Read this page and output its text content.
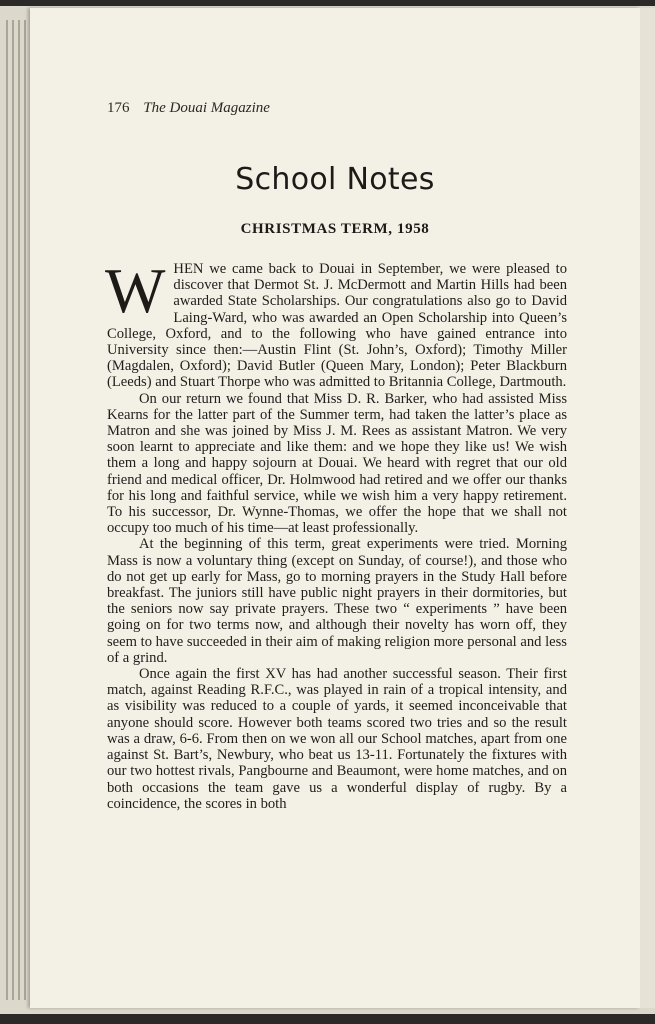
176 The Douai Magazine
School Notes
CHRISTMAS TERM, 1958

WHEN we came back to Douai in September, we were pleased to discover that Dermot St. J. McDermott and Martin Hills had been awarded State Scholarships. Our congratulations also go to David Laing-Ward, who was awarded an Open Scholarship into Queen’s College, Oxford, and to the following who have gained entrance into University since then:—Austin Flint (St. John’s, Oxford); Timothy Miller (Magdalen, Oxford); David Butler (Queen Mary, London); Peter Blackburn (Leeds) and Stuart Thorpe who was admitted to Britannia College, Dartmouth.

On our return we found that Miss D. R. Barker, who had assisted Miss Kearns for the latter part of the Summer term, had taken the latter’s place as Matron and she was joined by Miss J. M. Rees as assistant Matron. We very soon learnt to appreciate and like them: and we hope they like us! We wish them a long and happy sojourn at Douai. We heard with regret that our old friend and medical officer, Dr. Holmwood had retired and we offer our thanks for his long and faithful service, while we wish him a very happy retirement. To his successor, Dr. Wynne-Thomas, we offer the hope that we shall not occupy too much of his time—at least professionally.

At the beginning of this term, great experiments were tried. Morning Mass is now a voluntary thing (except on Sunday, of course!), and those who do not get up early for Mass, go to morning prayers in the Study Hall before breakfast. The juniors still have public night prayers in their dormitories, but the seniors now say private prayers. These two “ experiments ” have been going on for two terms now, and although their novelty has worn off, they seem to have succeeded in their aim of making religion more personal and less of a grind.

Once again the first XV has had another successful season. Their first match, against Reading R.F.C., was played in rain of a tropical intensity, and as visibility was reduced to a couple of yards, it seemed inconceivable that anyone should score. However both teams scored two tries and so the result was a draw, 6-6. From then on we won all our School matches, apart from one against St. Bart’s, Newbury, who beat us 13-11. Fortunately the fixtures with our two hottest rivals, Pangbourne and Beaumont, were home matches, and on both occasions the team gave us a wonderful display of rugby. By a coincidence, the scores in both
